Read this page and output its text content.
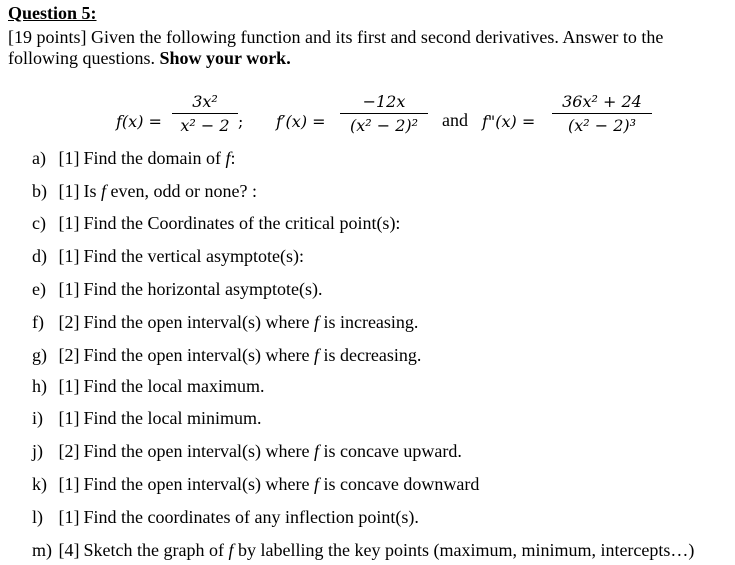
Question 5:
[19 points] Given the following function and its first and second derivatives. Answer to the following questions. Show your work.
f(x) =
3x²
x² − 2 ; f′(x) =
−12x
(x² − 2)²	and f"(x) =
36x² + 24
(x² − 2)³
a) [1] Find the domain of f:
b) [1] Is f even, odd or none? :
c) [1] Find the Coordinates of the critical point(s):
d) [1] Find the vertical asymptote(s):
e) [1] Find the horizontal asymptote(s).
f) [2] Find the open interval(s) where f is increasing.
g) [2] Find the open interval(s) where f is decreasing.
h) [1] Find the local maximum.
i) [1] Find the local minimum.
j) [2] Find the open interval(s) where f is concave upward.
k) [1] Find the open interval(s) where f is concave downward
l) [1] Find the coordinates of any inflection point(s).
m) [4] Sketch the graph of f by labelling the key points (maximum, minimum, intercepts…)
